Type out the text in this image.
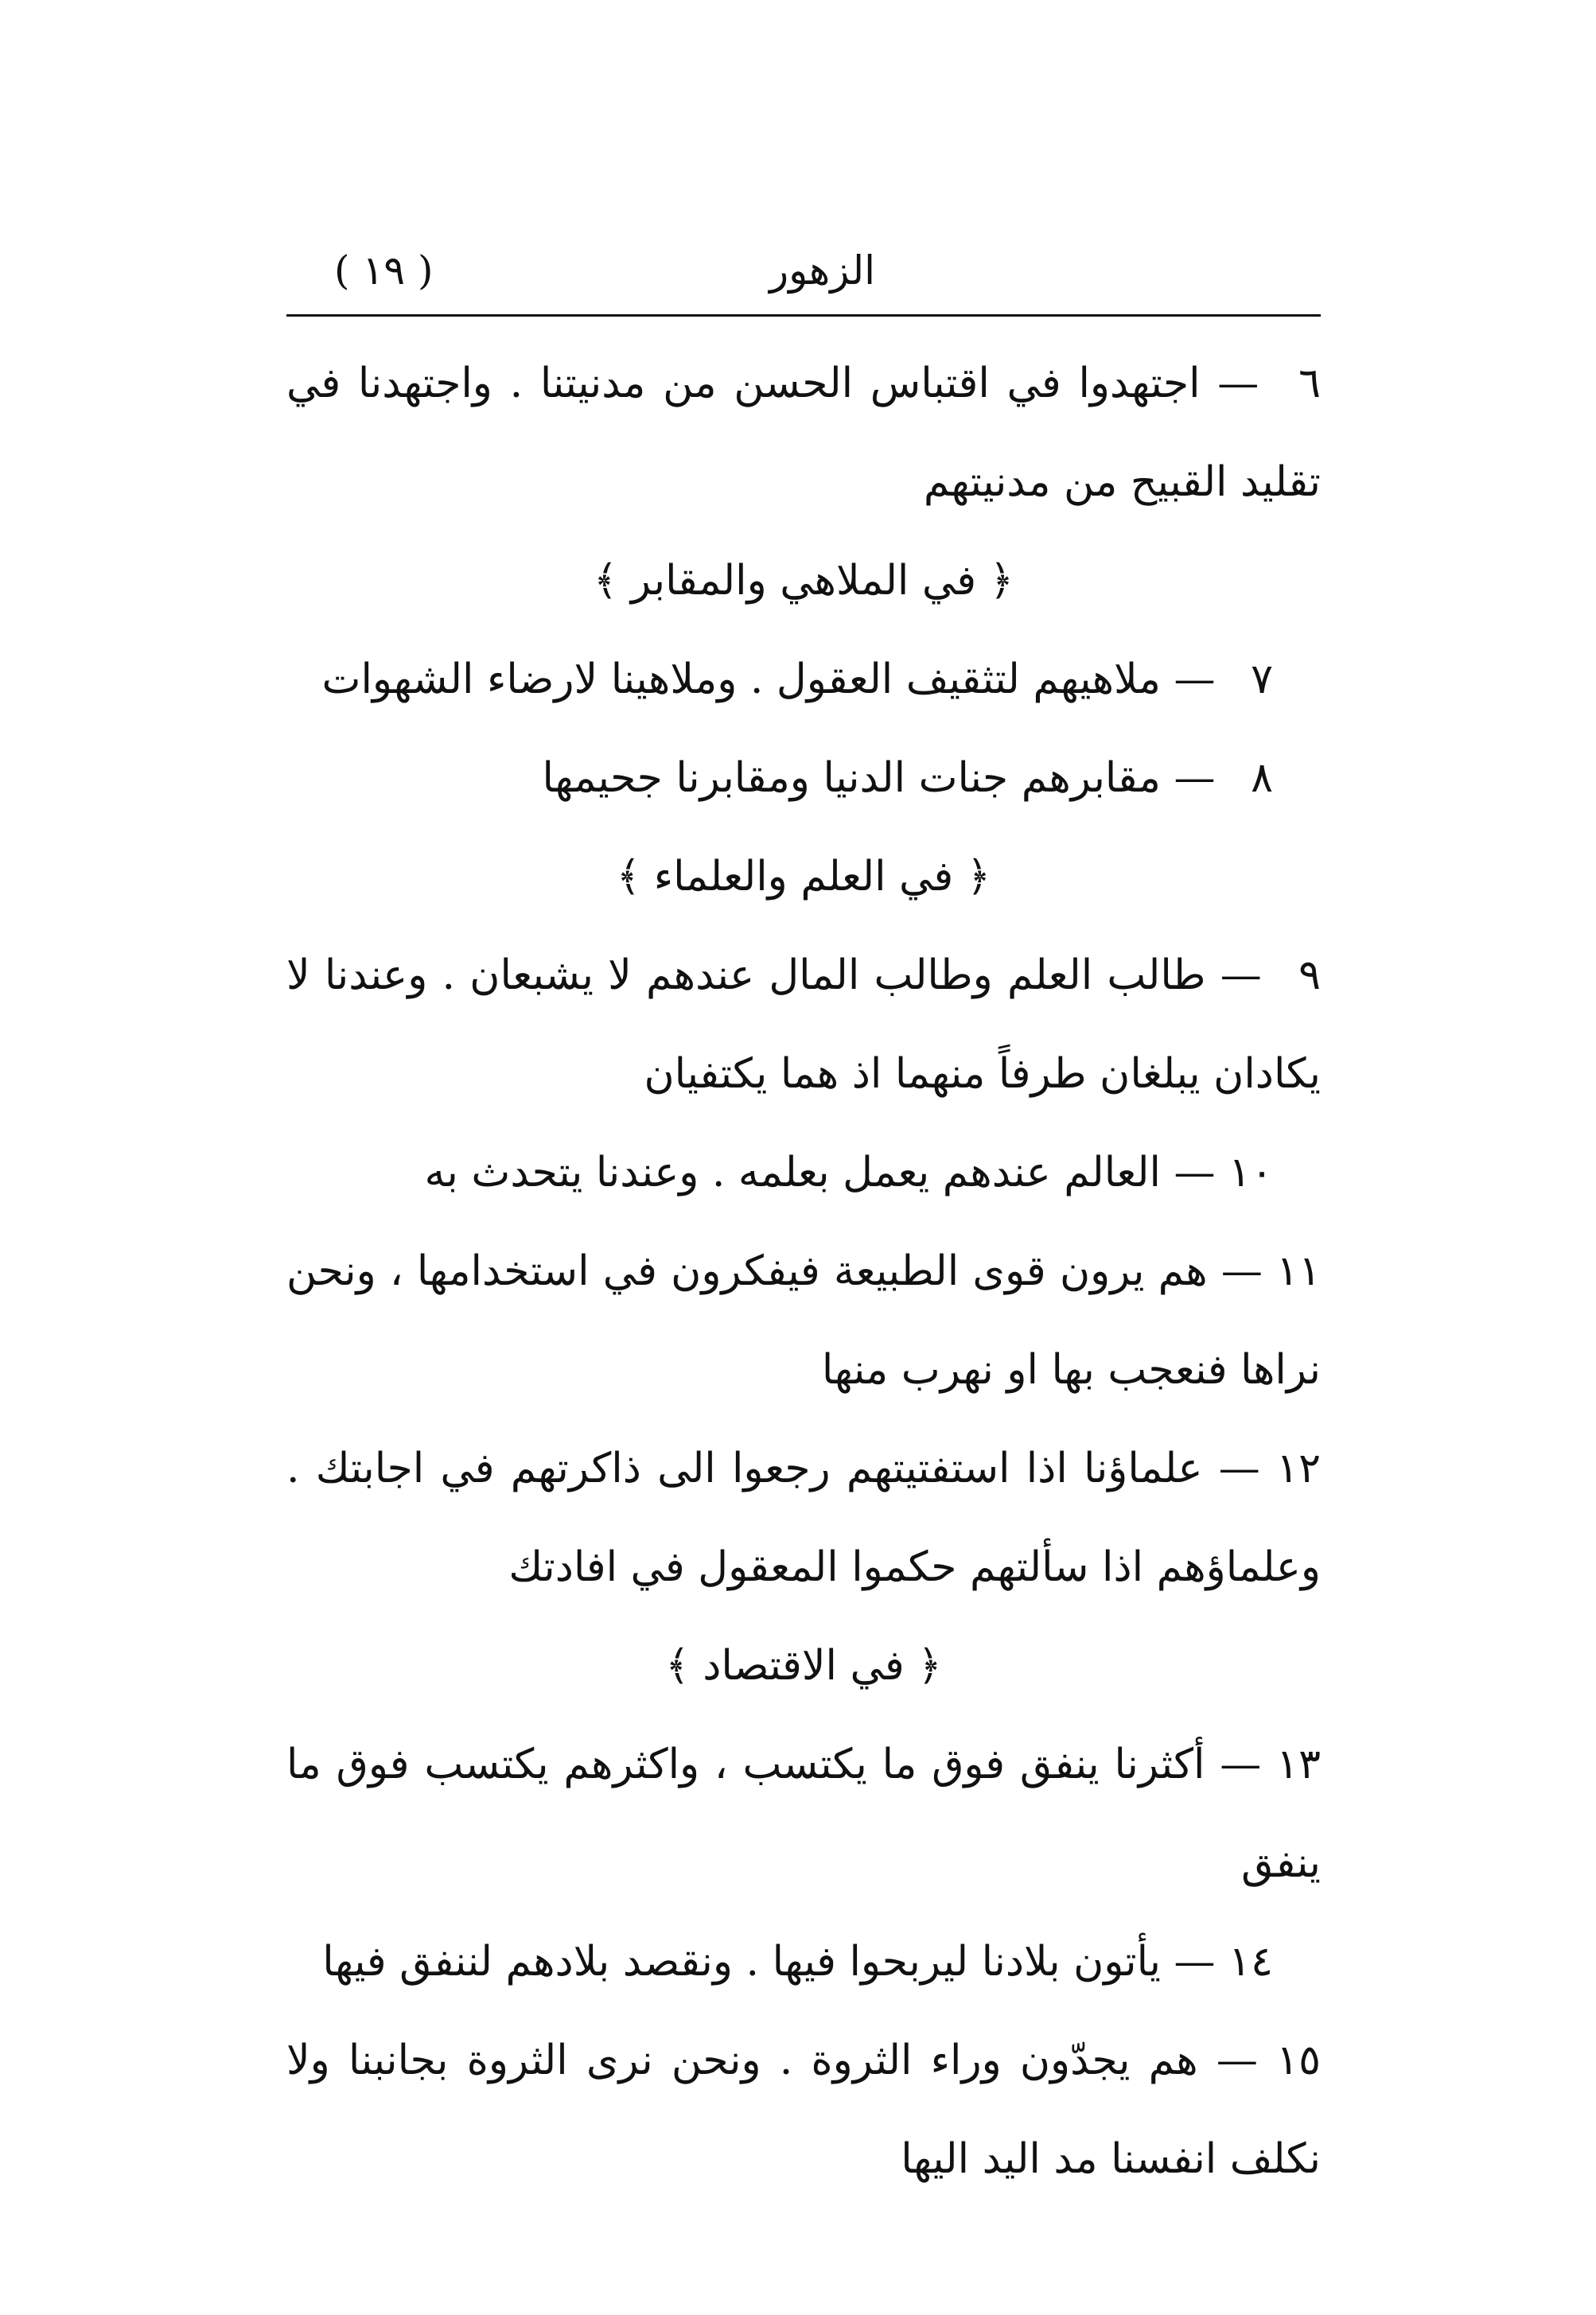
الزهور
( ١٩ )

٦ — اجتهدوا في اقتباس الحسن من مدنيتنا . واجتهدنا في تقليد القبيح من مدنيتهم

﴿ في الملاهي والمقابر ﴾

٧ — ملاهيهم لتثقيف العقول . وملاهينا لارضاء الشهوات

٨ — مقابرهم جنات الدنيا ومقابرنا جحيمها

﴿ في العلم والعلماء ﴾

٩ — طالب العلم وطالب المال عندهم لا يشبعان . وعندنا لا يكادان يبلغان طرفاً منهما اذ هما يكتفيان

١٠ — العالم عندهم يعمل بعلمه . وعندنا يتحدث به

١١ — هم يرون قوى الطبيعة فيفكرون في استخدامها ، ونحن نراها فنعجب بها او نهرب منها

١٢ — علماؤنا اذا استفتيتهم رجعوا الى ذاكرتهم في اجابتك . وعلماؤهم اذا سألتهم حكموا المعقول في افادتك

﴿ في الاقتصاد ﴾

١٣ — أكثرنا ينفق فوق ما يكتسب ، واكثرهم يكتسب فوق ما ينفق

١٤ — يأتون بلادنا ليربحوا فيها . ونقصد بلادهم لننفق فيها

١٥ — هم يجدّون وراء الثروة . ونحن نرى الثروة بجانبنا ولا نكلف انفسنا مد اليد اليها
